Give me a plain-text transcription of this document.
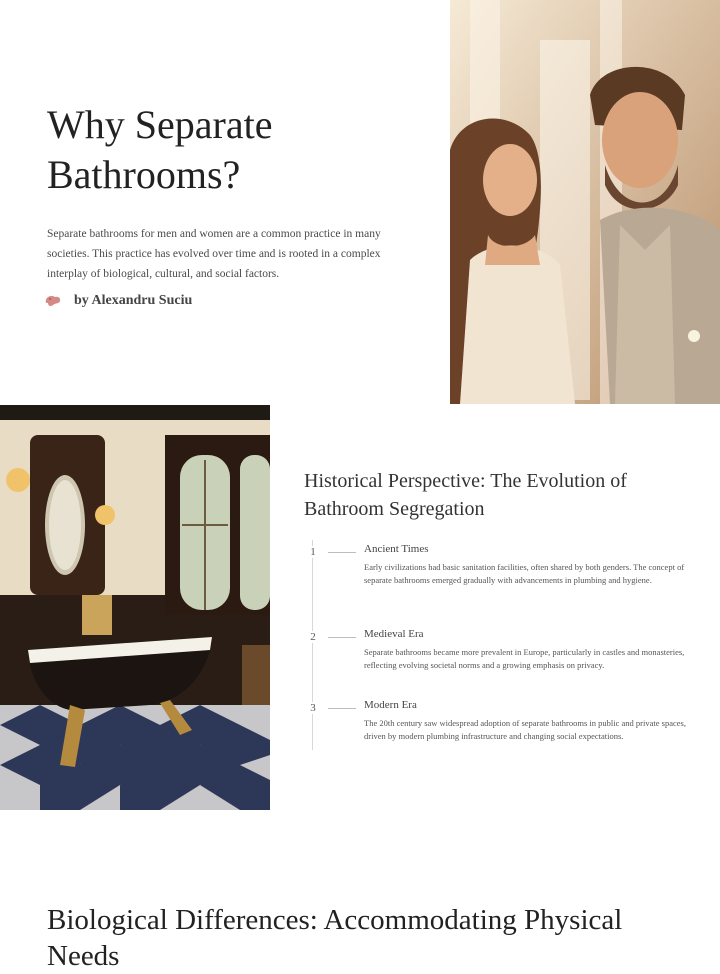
Why Separate Bathrooms?

Separate bathrooms for men and women are a common practice in many societies. This practice has evolved over time and is rooted in a complex interplay of biological, cultural, and social factors.

by Alexandru Suciu
Historical Perspective: The Evolution of Bathroom Segregation
1	Ancient Times
Early civilizations had basic sanitation facilities, often shared by both genders. The concept of separate bathrooms emerged gradually with advancements in plumbing and hygiene.
2	Medieval Era
Separate bathrooms became more prevalent in Europe, particularly in castles and monasteries, reflecting evolving societal norms and a growing emphasis on privacy.
3	Modern Era
The 20th century saw widespread adoption of separate bathrooms in public and private spaces, driven by modern plumbing infrastructure and changing social expectations.
Biological Differences: Accommodating Physical Needs
